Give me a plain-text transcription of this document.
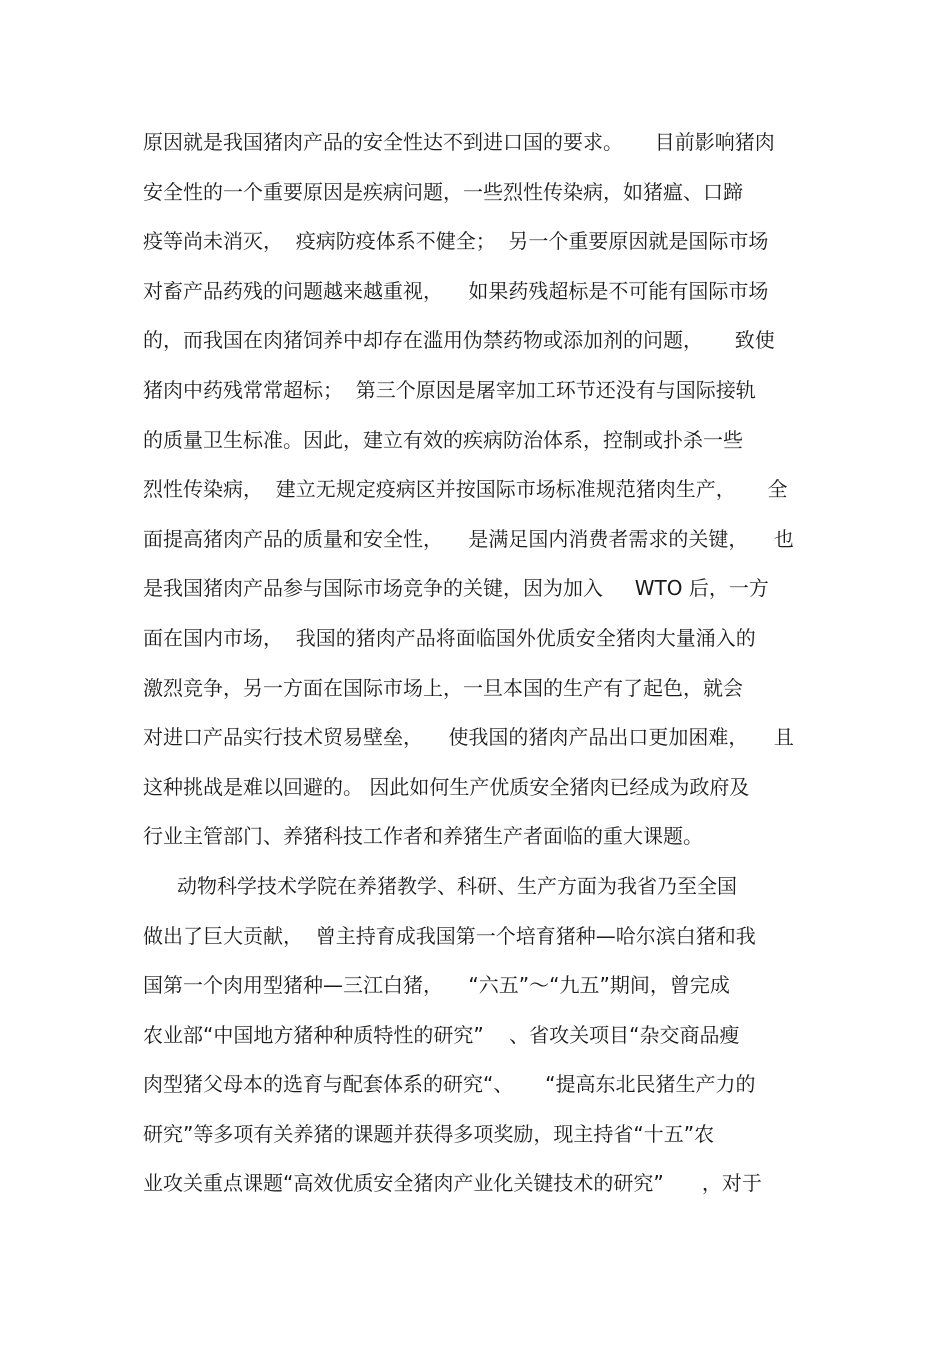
原因就是我国猪肉产品的安全性达不到进口国的要求。     目前影响猪肉
安全性的一个重要原因是疾病问题，一些烈性传染病，如猪瘟、口蹄
疫等尚未消灭，  疫病防疫体系不健全；  另一个重要原因就是国际市场
对畜产品药残的问题越来越重视，    如果药残超标是不可能有国际市场
的，而我国在肉猪饲养中却存在滥用伪禁药物或添加剂的问题，     致使
猪肉中药残常常超标；  第三个原因是屠宰加工环节还没有与国际接轨
的质量卫生标准。因此，建立有效的疾病防治体系，控制或扑杀一些
烈性传染病，  建立无规定疫病区并按国际市场标准规范猪肉生产，     全
面提高猪肉产品的质量和安全性，    是满足国内消费者需求的关键，    也
是我国猪肉产品参与国际市场竞争的关键，因为加入     WTO 后，一方
面在国内市场，  我国的猪肉产品将面临国外优质安全猪肉大量涌入的
激烈竞争，另一方面在国际市场上，一旦本国的生产有了起色，就会
对进口产品实行技术贸易壁垒，    使我国的猪肉产品出口更加困难，    且
这种挑战是难以回避的。 因此如何生产优质安全猪肉已经成为政府及
行业主管部门、养猪科技工作者和养猪生产者面临的重大课题。
动物科学技术学院在养猪教学、科研、生产方面为我省乃至全国
做出了巨大贡献，  曾主持育成我国第一个培育猪种—哈尔滨白猪和我
国第一个肉用型猪种—三江白猪，    “六五”～“九五”期间，曾完成
农业部“中国地方猪种种质特性的研究”    、省攻关项目“杂交商品瘦
肉型猪父母本的选育与配套体系的研究“、     “提高东北民猪生产力的
研究”等多项有关养猪的课题并获得多项奖励，现主持省“十五”农
业攻关重点课题“高效优质安全猪肉产业化关键技术的研究”      ，对于
